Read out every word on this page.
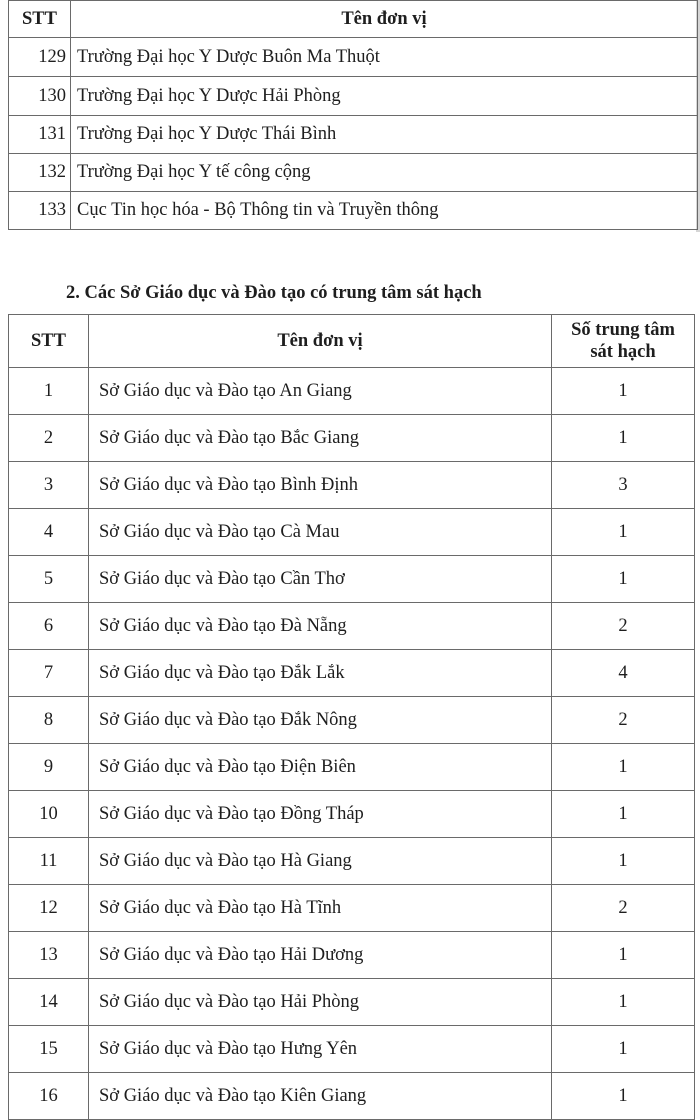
STT	Tên đơn vị
129	Trường Đại học Y Dược Buôn Ma Thuột
130	Trường Đại học Y Dược Hải Phòng
131	Trường Đại học Y Dược Thái Bình
132	Trường Đại học Y tế công cộng
133	Cục Tin học hóa - Bộ Thông tin và Truyền thông
2. Các Sở Giáo dục và Đào tạo có trung tâm sát hạch
STT	Tên đơn vị	Số trung tâm
sát hạch

1	Sở Giáo dục và Đào tạo An Giang	1
2	Sở Giáo dục và Đào tạo Bắc Giang	1
3	Sở Giáo dục và Đào tạo Bình Định	3
4	Sở Giáo dục và Đào tạo Cà Mau	1
5	Sở Giáo dục và Đào tạo Cần Thơ	1
6	Sở Giáo dục và Đào tạo Đà Nẵng	2
7	Sở Giáo dục và Đào tạo Đắk Lắk	4
8	Sở Giáo dục và Đào tạo Đắk Nông	2
9	Sở Giáo dục và Đào tạo Điện Biên	1
10	Sở Giáo dục và Đào tạo Đồng Tháp	1
11	Sở Giáo dục và Đào tạo Hà Giang	1
12	Sở Giáo dục và Đào tạo Hà Tĩnh	2
13	Sở Giáo dục và Đào tạo Hải Dương	1
14	Sở Giáo dục và Đào tạo Hải Phòng	1
15	Sở Giáo dục và Đào tạo Hưng Yên	1
16	Sở Giáo dục và Đào tạo Kiên Giang	1
